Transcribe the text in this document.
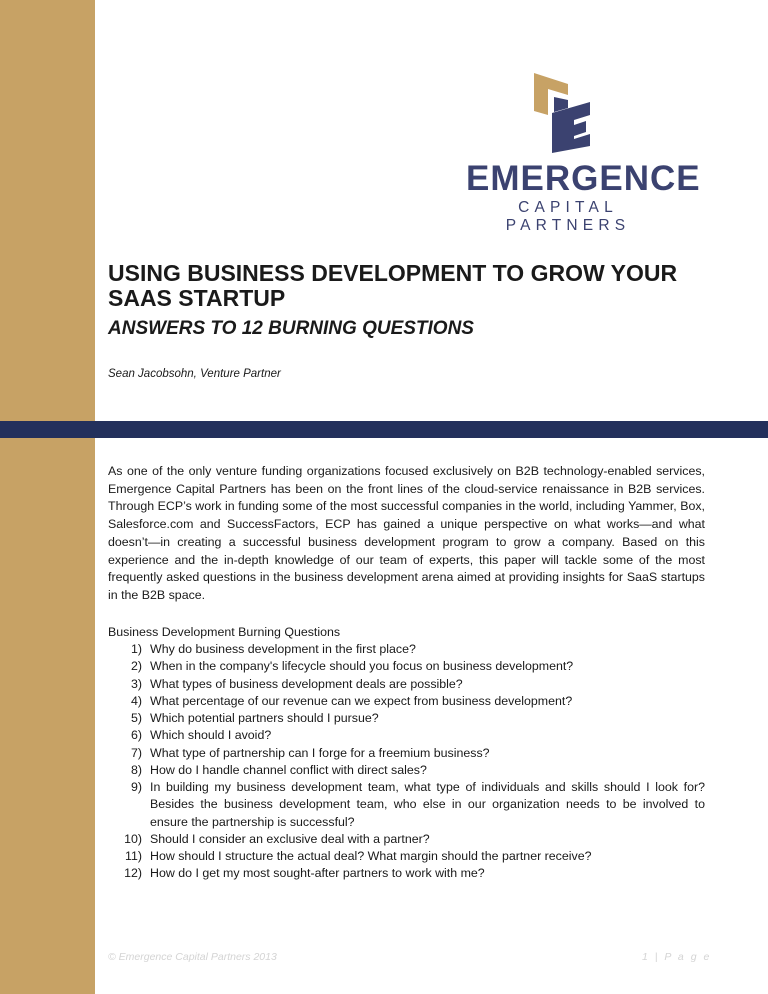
EMERGENCE
CAPITAL PARTNERS
USING BUSINESS DEVELOPMENT TO GROW YOUR SAAS STARTUP
ANSWERS TO 12 BURNING QUESTIONS
Sean Jacobsohn, Venture Partner

As one of the only venture funding organizations focused exclusively on B2B technology-enabled services, Emergence Capital Partners has been on the front lines of the cloud-service renaissance in B2B services. Through ECP’s work in funding some of the most successful companies in the world, including Yammer, Box, Salesforce.com and SuccessFactors, ECP has gained a unique perspective on what works—and what doesn’t—in creating a successful business development program to grow a company. Based on this experience and the in-depth knowledge of our team of experts, this paper will tackle some of the most frequently asked questions in the business development arena aimed at providing insights for SaaS startups in the B2B space.

Business Development Burning Questions
1) Why do business development in the first place?
2) When in the company's lifecycle should you focus on business development?
3) What types of business development deals are possible?
4) What percentage of our revenue can we expect from business development?
5) Which potential partners should I pursue?
6) Which should I avoid?
7) What type of partnership can I forge for a freemium business?
8) How do I handle channel conflict with direct sales?
9) In building my business development team, what type of individuals and skills should I look for? Besides the business development team, who else in our organization needs to be involved to ensure the partnership is successful?
10) Should I consider an exclusive deal with a partner?
11) How should I structure the actual deal? What margin should the partner receive?
12) How do I get my most sought-after partners to work with me?
© Emergence Capital Partners 2013	1 | P a g e
